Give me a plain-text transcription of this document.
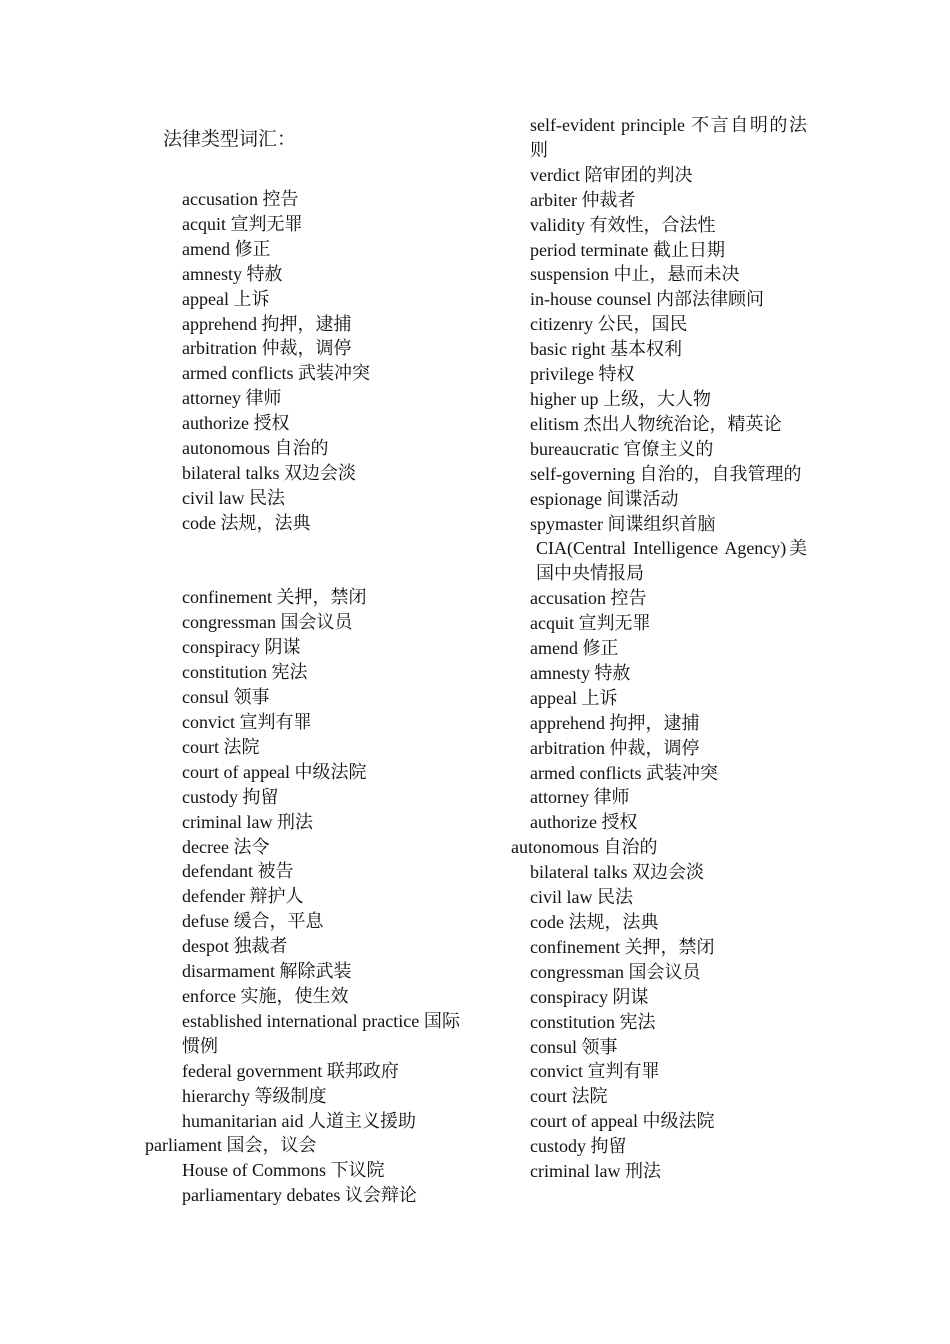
法律类型词汇：
accusation 控告
acquit 宣判无罪
amend 修正
amnesty 特赦
appeal 上诉
apprehend 拘押，逮捕
arbitration 仲裁，调停
armed conflicts 武装冲突
attorney 律师
authorize 授权
autonomous 自治的
bilateral talks 双边会淡
civil law 民法
code 法规，法典
confinement 关押，禁闭
congressman 国会议员
conspiracy 阴谋
constitution 宪法
consul 领事
convict 宣判有罪
court 法院
court of appeal 中级法院
custody 拘留
criminal law 刑法
decree 法令
defendant 被告
defender 辩护人
defuse 缓合，平息
despot 独裁者
disarmament 解除武装
enforce 实施，使生效
established international practice 国际惯例
federal government 联邦政府
hierarchy 等级制度
humanitarian aid 人道主义援助
parliament 国会，议会
House of Commons 下议院
parliamentary debates 议会辩论
self-evident principle 不言自明的法则
verdict 陪审团的判决
arbiter 仲裁者
validity 有效性，合法性
period terminate 截止日期
suspension 中止，悬而未决
in-house counsel 内部法律顾问
citizenry 公民，国民
basic right 基本权利
privilege 特权
higher up 上级，大人物
elitism 杰出人物统治论，精英论
bureaucratic 官僚主义的
self-governing 自治的，自我管理的
espionage 间谍活动
spymaster 间谍组织首脑
CIA(Central Intelligence Agency)美国中央情报局
accusation 控告
acquit 宣判无罪
amend 修正
amnesty 特赦
appeal 上诉
apprehend 拘押，逮捕
arbitration 仲裁，调停
armed conflicts 武装冲突
attorney 律师
authorize 授权
autonomous 自治的
bilateral talks 双边会淡
civil law 民法
code 法规，法典
confinement 关押，禁闭
congressman 国会议员
conspiracy 阴谋
constitution 宪法
consul 领事
convict 宣判有罪
court 法院
court of appeal 中级法院
custody 拘留
criminal law 刑法
